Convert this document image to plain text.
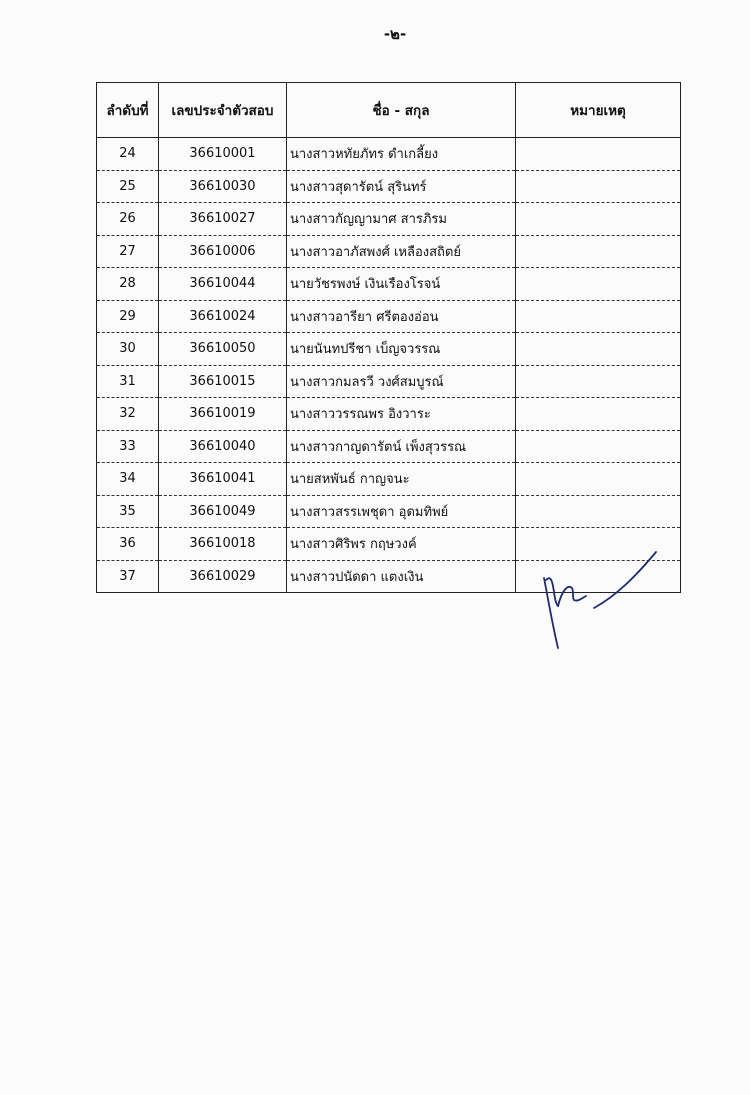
-๒-
ลำดับที่	เลขประจำตัวสอบ	ชื่อ - สกุล	หมายเหตุ
24	36610001	นางสาวหทัยภัทร ดำเกลี้ยง	
25	36610030	นางสาวสุดารัตน์ สุรินทร์	
26	36610027	นางสาวกัญญามาศ สารภิรม	
27	36610006	นางสาวอาภัสพงศ์ เหลืองสถิตย์	
28	36610044	นายวัชรพงษ์ เงินเรืองโรจน์	
29	36610024	นางสาวอารียา ศรีตองอ่อน	
30	36610050	นายนันทปรีชา เบ็ญจวรรณ	
31	36610015	นางสาวกมลรวี วงศ์สมบูรณ์	
32	36610019	นางสาววรรณพร อิงวาระ	
33	36610040	นางสาวกาญดารัตน์ เพ็งสุวรรณ	
34	36610041	นายสหพันธ์ กาญจนะ	
35	36610049	นางสาวสรรเพชุดา อุดมทิพย์	
36	36610018	นางสาวศิริพร กฤษวงค์	
37	36610029	นางสาวปนัดดา แตงเงิน	
